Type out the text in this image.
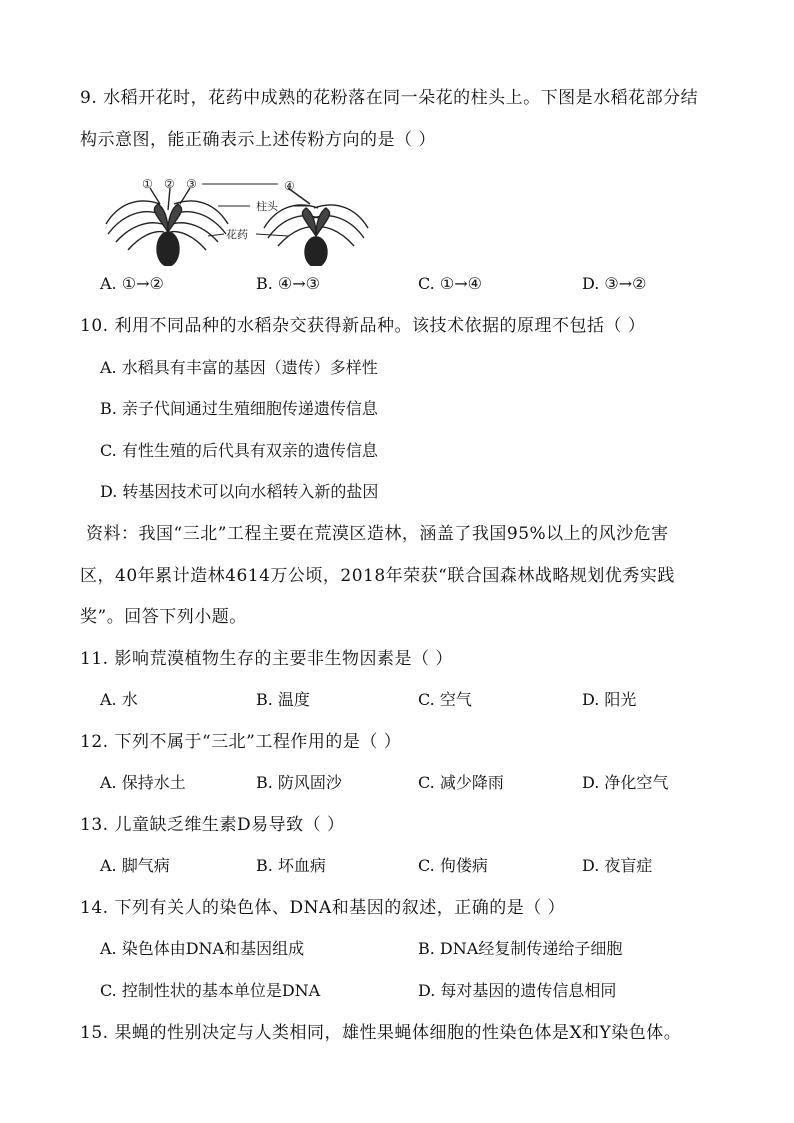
9. 水稻开花时，花药中成熟的花粉落在同一朵花的柱头上。下图是水稻花部分结
构示意图，能正确表示上述传粉方向的是（ ）
① ② ③
柱头
花药
④
A. ①→②	B. ④→③	C. ①→④	D. ③→②
10. 利用不同品种的水稻杂交获得新品种。该技术依据的原理不包括（ ）
A. 水稻具有丰富的基因（遗传）多样性
B. 亲子代间通过生殖细胞传递遗传信息
C. 有性生殖的后代具有双亲的遗传信息
D. 转基因技术可以向水稻转入新的盐因
资料：我国“三北”工程主要在荒漠区造林，涵盖了我国95%以上的风沙危害
区，40年累计造林4614万公顷，2018年荣获“联合国森林战略规划优秀实践
奖”。回答下列小题。
11. 影响荒漠植物生存的主要非生物因素是（ ）
A. 水	B. 温度	C. 空气	D. 阳光
12. 下列不属于“三北”工程作用的是（ ）
A. 保持水土	B. 防风固沙	C. 减少降雨	D. 净化空气
13. 儿童缺乏维生素D易导致（ ）
A. 脚气病	B. 坏血病	C. 佝偻病	D. 夜盲症
14. 下列有关人的染色体、DNA和基因的叙述，正确的是（ ）
A. 染色体由DNA和基因组成	B. DNA经复制传递给子细胞
C. 控制性状的基本单位是DNA	D. 每对基因的遗传信息相同
15. 果蝇的性别决定与人类相同，雄性果蝇体细胞的性染色体是X和Y染色体。
